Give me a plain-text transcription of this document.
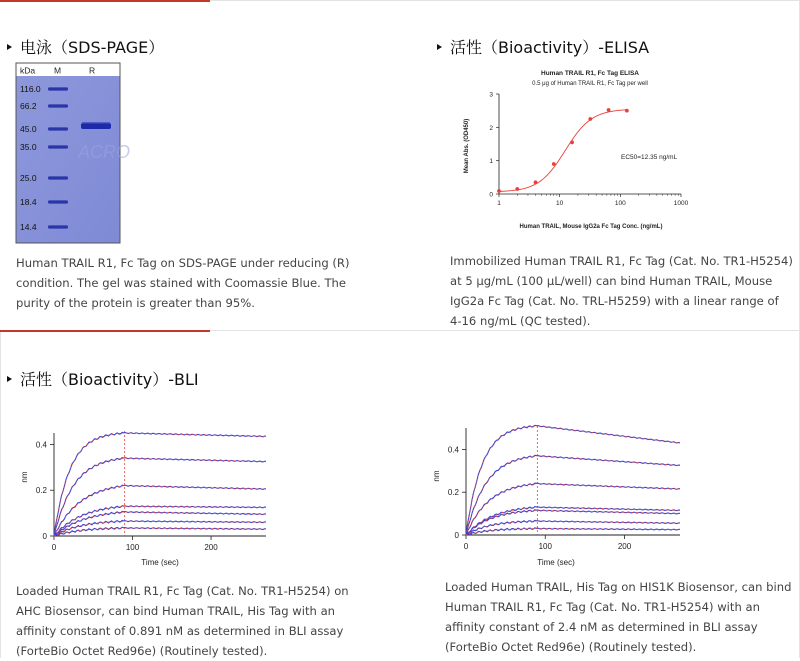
电泳（SDS-PAGE）
kDa M	R
ACRO
116.0
66.2
45.0
35.0
25.0
18.4
14.4
Human TRAIL R1, Fc Tag on SDS-PAGE under reducing (R)
condition. The gel was stained with Coomassie Blue. The
purity of the protein is greater than 95%.
活性（Bioactivity）-ELISA
Human TRAIL R1, Fc Tag ELISA
0.5 μg of Human TRAIL R1, Fc Tag per well
0
1
2
3
1	10	100	1000
EC50=12.35 ng/mL
Human TRAIL, Mouse IgG2a Fc Tag Conc. (ng/mL)
Mean Abs. (OD450)
Immobilized Human TRAIL R1, Fc Tag (Cat. No. TR1-H5254)
at 5 μg/mL (100 μL/well) can bind Human TRAIL, Mouse
IgG2a Fc Tag (Cat. No. TRL-H5259) with a linear range of
4-16 ng/mL (QC tested).
活性（Bioactivity）-BLI
0
0.2
0.4
0	100	200
Time (sec)
nm
0
0.2
0.4
0	100	200
Time (sec)
nm
Loaded Human TRAIL R1, Fc Tag (Cat. No. TR1-H5254) on
AHC Biosensor, can bind Human TRAIL, His Tag with an
affinity constant of 0.891 nM as determined in BLI assay
(ForteBio Octet Red96e) (Routinely tested).
Loaded Human TRAIL, His Tag on HIS1K Biosensor, can bind
Human TRAIL R1, Fc Tag (Cat. No. TR1-H5254) with an
affinity constant of 2.4 nM as determined in BLI assay
(ForteBio Octet Red96e) (Routinely tested).
